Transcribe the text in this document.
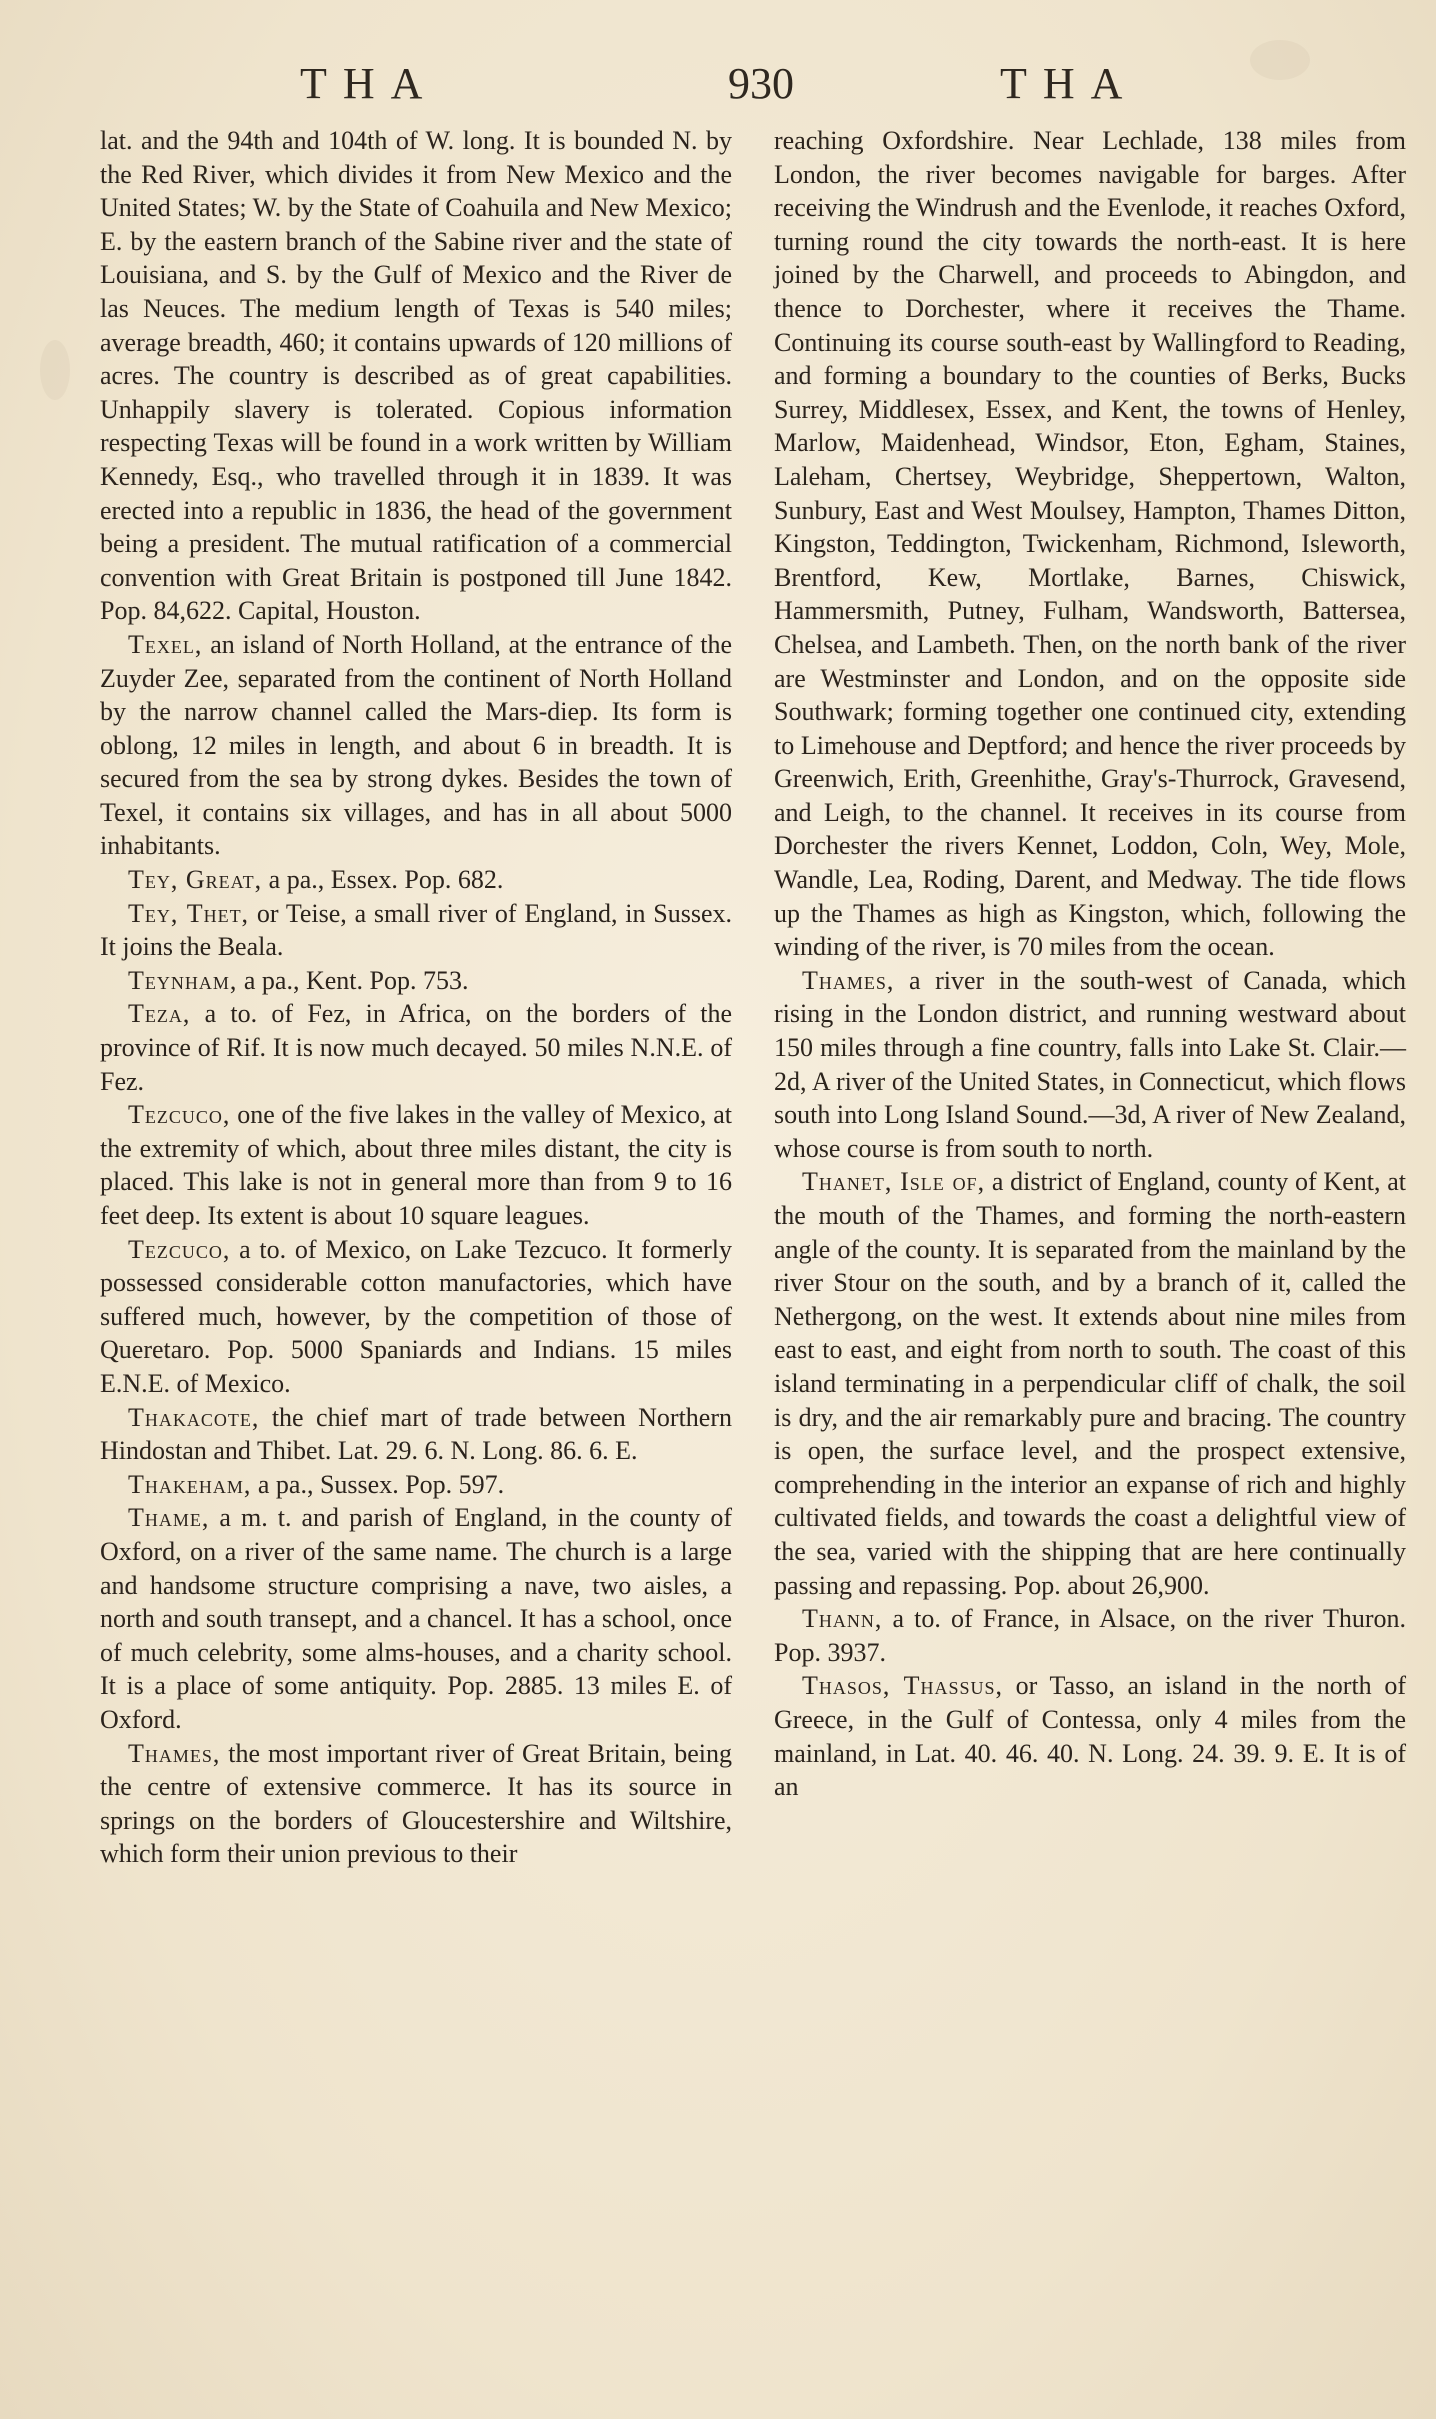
THA	930	THA

lat. and the 94th and 104th of W. long. It is bounded N. by the Red River, which divides it from New Mexico and the United States; W. by the State of Coahuila and New Mexico; E. by the eastern branch of the Sabine river and the state of Louisiana, and S. by the Gulf of Mexico and the River de las Neuces. The medium length of Texas is 540 miles; average breadth, 460; it contains upwards of 120 millions of acres. The country is described as of great capabilities. Unhappily slavery is tolerated. Copious information respecting Texas will be found in a work written by William Kennedy, Esq., who travelled through it in 1839. It was erected into a republic in 1836, the head of the government being a president. The mutual ratification of a commercial convention with Great Britain is postponed till June 1842. Pop. 84,622. Capital, Houston.

Texel, an island of North Holland, at the entrance of the Zuyder Zee, separated from the continent of North Holland by the narrow channel called the Mars-diep. Its form is oblong, 12 miles in length, and about 6 in breadth. It is secured from the sea by strong dykes. Besides the town of Texel, it contains six villages, and has in all about 5000 inhabitants.

Tey, Great, a pa., Essex. Pop. 682.

Tey, Thet, or Teise, a small river of England, in Sussex. It joins the Beala.

Teynham, a pa., Kent. Pop. 753.

Teza, a to. of Fez, in Africa, on the borders of the province of Rif. It is now much decayed. 50 miles N.N.E. of Fez.

Tezcuco, one of the five lakes in the valley of Mexico, at the extremity of which, about three miles distant, the city is placed. This lake is not in general more than from 9 to 16 feet deep. Its extent is about 10 square leagues.

Tezcuco, a to. of Mexico, on Lake Tezcuco. It formerly possessed considerable cotton manufactories, which have suffered much, however, by the competition of those of Queretaro. Pop. 5000 Spaniards and Indians. 15 miles E.N.E. of Mexico.

Thakacote, the chief mart of trade between Northern Hindostan and Thibet. Lat. 29. 6. N. Long. 86. 6. E.

Thakeham, a pa., Sussex. Pop. 597.

Thame, a m. t. and parish of England, in the county of Oxford, on a river of the same name. The church is a large and handsome structure comprising a nave, two aisles, a north and south transept, and a chancel. It has a school, once of much celebrity, some alms-houses, and a charity school. It is a place of some antiquity. Pop. 2885. 13 miles E. of Oxford.

Thames, the most important river of Great Britain, being the centre of extensive commerce. It has its source in springs on the borders of Gloucestershire and Wiltshire, which form their union previous to their

reaching Oxfordshire. Near Lechlade, 138 miles from London, the river becomes navigable for barges. After receiving the Windrush and the Evenlode, it reaches Oxford, turning round the city towards the north-east. It is here joined by the Charwell, and proceeds to Abingdon, and thence to Dorchester, where it receives the Thame. Continuing its course south-east by Wallingford to Reading, and forming a boundary to the counties of Berks, Bucks Surrey, Middlesex, Essex, and Kent, the towns of Henley, Marlow, Maidenhead, Windsor, Eton, Egham, Staines, Laleham, Chertsey, Weybridge, Sheppertown, Walton, Sunbury, East and West Moulsey, Hampton, Thames Ditton, Kingston, Teddington, Twickenham, Richmond, Isleworth, Brentford, Kew, Mortlake, Barnes, Chiswick, Hammersmith, Putney, Fulham, Wandsworth, Battersea, Chelsea, and Lambeth. Then, on the north bank of the river are Westminster and London, and on the opposite side Southwark; forming together one continued city, extending to Limehouse and Deptford; and hence the river proceeds by Greenwich, Erith, Greenhithe, Gray's-Thurrock, Gravesend, and Leigh, to the channel. It receives in its course from Dorchester the rivers Kennet, Loddon, Coln, Wey, Mole, Wandle, Lea, Roding, Darent, and Medway. The tide flows up the Thames as high as Kingston, which, following the winding of the river, is 70 miles from the ocean.

Thames, a river in the south-west of Canada, which rising in the London district, and running westward about 150 miles through a fine country, falls into Lake St. Clair.—2d, A river of the United States, in Connecticut, which flows south into Long Island Sound.—3d, A river of New Zealand, whose course is from south to north.

Thanet, Isle of, a district of England, county of Kent, at the mouth of the Thames, and forming the north-eastern angle of the county. It is separated from the mainland by the river Stour on the south, and by a branch of it, called the Nethergong, on the west. It extends about nine miles from east to east, and eight from north to south. The coast of this island terminating in a perpendicular cliff of chalk, the soil is dry, and the air remarkably pure and bracing. The country is open, the surface level, and the prospect extensive, comprehending in the interior an expanse of rich and highly cultivated fields, and towards the coast a delightful view of the sea, varied with the shipping that are here continually passing and repassing. Pop. about 26,900.

Thann, a to. of France, in Alsace, on the river Thuron. Pop. 3937.

Thasos, Thassus, or Tasso, an island in the north of Greece, in the Gulf of Contessa, only 4 miles from the mainland, in Lat. 40. 46. 40. N. Long. 24. 39. 9. E. It is of an
